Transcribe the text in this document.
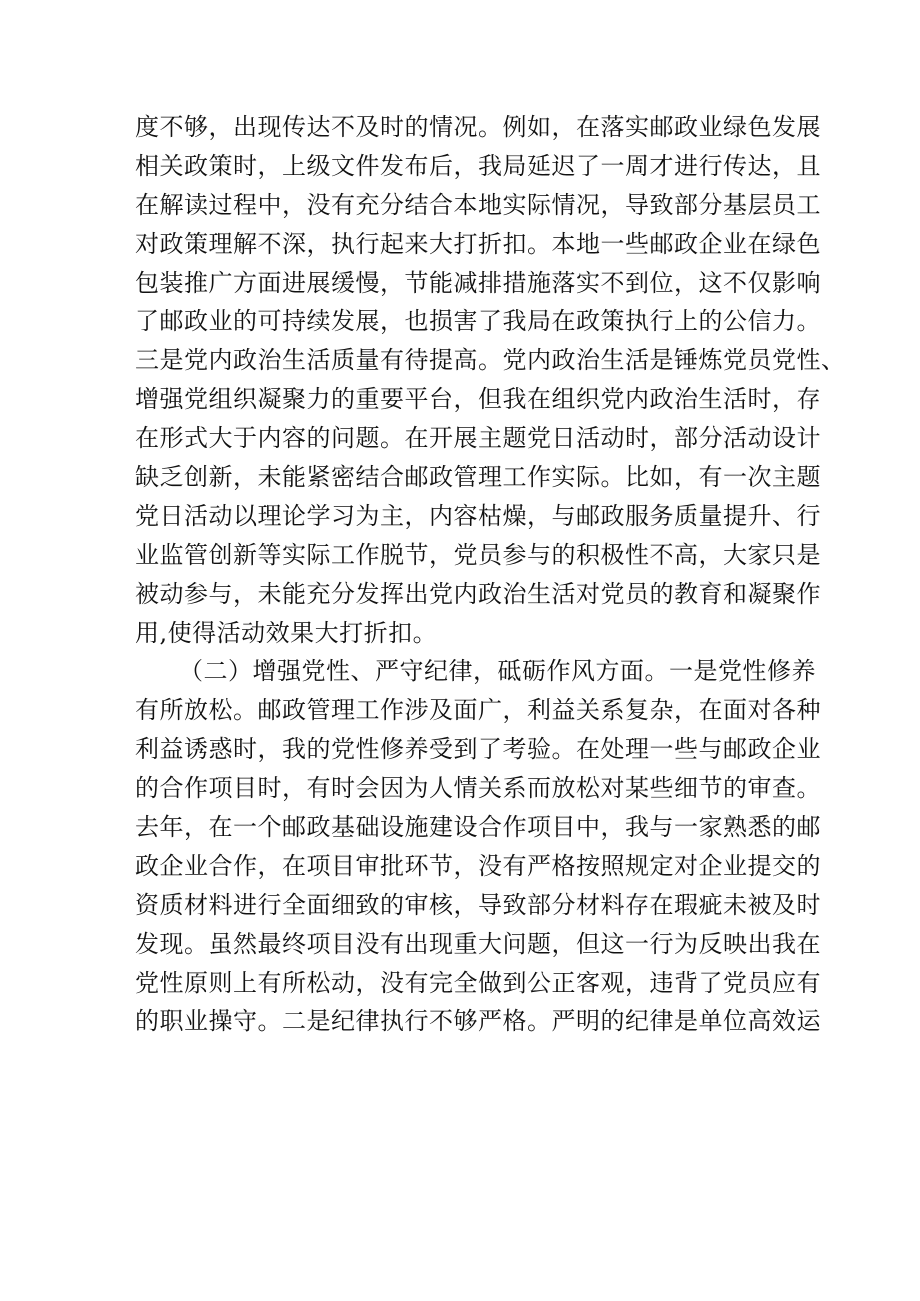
度不够，出现传达不及时的情况。例如，在落实邮政业绿色发展
相关政策时，上级文件发布后，我局延迟了一周才进行传达，且
在解读过程中，没有充分结合本地实际情况，导致部分基层员工
对政策理解不深，执行起来大打折扣。本地一些邮政企业在绿色
包装推广方面进展缓慢，节能减排措施落实不到位，这不仅影响
了邮政业的可持续发展，也损害了我局在政策执行上的公信力。
三是党内政治生活质量有待提高。党内政治生活是锤炼党员党性、
增强党组织凝聚力的重要平台，但我在组织党内政治生活时，存
在形式大于内容的问题。在开展主题党日活动时，部分活动设计
缺乏创新，未能紧密结合邮政管理工作实际。比如，有一次主题
党日活动以理论学习为主，内容枯燥，与邮政服务质量提升、行
业监管创新等实际工作脱节，党员参与的积极性不高，大家只是
被动参与，未能充分发挥出党内政治生活对党员的教育和凝聚作
用,使得活动效果大打折扣。
（二）增强党性、严守纪律，砥砺作风方面。一是党性修养
有所放松。邮政管理工作涉及面广，利益关系复杂，在面对各种
利益诱惑时，我的党性修养受到了考验。在处理一些与邮政企业
的合作项目时，有时会因为人情关系而放松对某些细节的审查。
去年，在一个邮政基础设施建设合作项目中，我与一家熟悉的邮
政企业合作，在项目审批环节，没有严格按照规定对企业提交的
资质材料进行全面细致的审核，导致部分材料存在瑕疵未被及时
发现。虽然最终项目没有出现重大问题，但这一行为反映出我在
党性原则上有所松动，没有完全做到公正客观，违背了党员应有
的职业操守。二是纪律执行不够严格。严明的纪律是单位高效运
